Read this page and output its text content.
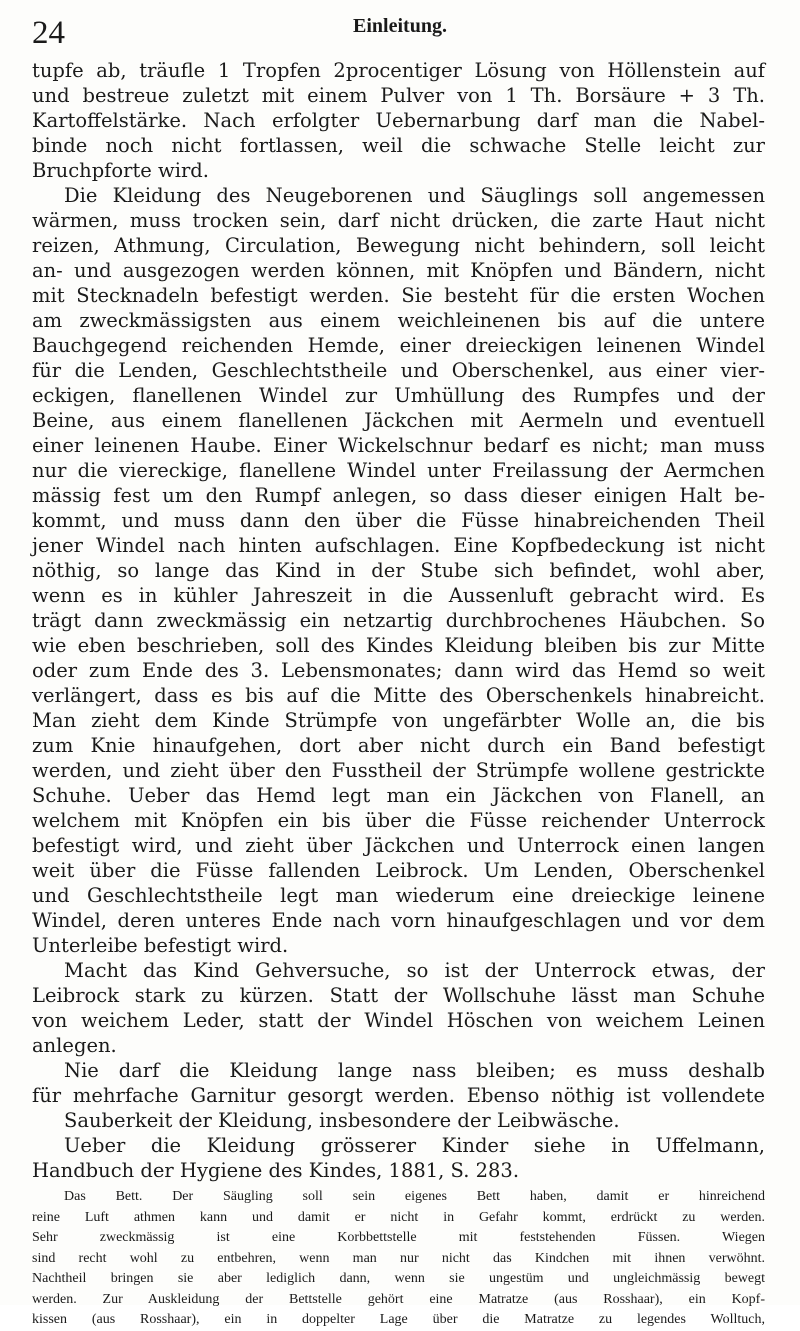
24	Einleitung.
tupfe ab, träufle 1 Tropfen 2procentiger Lösung von Höllenstein auf
und bestreue zuletzt mit einem Pulver von 1 Th. Borsäure + 3 Th.
Kartoffelstärke. Nach erfolgter Uebernarbung darf man die Nabel-
binde noch nicht fortlassen, weil die schwache Stelle leicht zur
Bruchpforte wird.
Die Kleidung des Neugeborenen und Säuglings soll angemessen
wärmen, muss trocken sein, darf nicht drücken, die zarte Haut nicht
reizen, Athmung, Circulation, Bewegung nicht behindern, soll leicht
an- und ausgezogen werden können, mit Knöpfen und Bändern, nicht
mit Stecknadeln befestigt werden. Sie besteht für die ersten Wochen
am zweckmässigsten aus einem weichleinenen bis auf die untere
Bauchgegend reichenden Hemde, einer dreieckigen leinenen Windel
für die Lenden, Geschlechtstheile und Oberschenkel, aus einer vier-
eckigen, flanellenen Windel zur Umhüllung des Rumpfes und der
Beine, aus einem flanellenen Jäckchen mit Aermeln und eventuell
einer leinenen Haube. Einer Wickelschnur bedarf es nicht; man muss
nur die viereckige, flanellene Windel unter Freilassung der Aermchen
mässig fest um den Rumpf anlegen, so dass dieser einigen Halt be-
kommt, und muss dann den über die Füsse hinabreichenden Theil
jener Windel nach hinten aufschlagen. Eine Kopfbedeckung ist nicht
nöthig, so lange das Kind in der Stube sich befindet, wohl aber,
wenn es in kühler Jahreszeit in die Aussenluft gebracht wird. Es
trägt dann zweckmässig ein netzartig durchbrochenes Häubchen. So
wie eben beschrieben, soll des Kindes Kleidung bleiben bis zur Mitte
oder zum Ende des 3. Lebensmonates; dann wird das Hemd so weit
verlängert, dass es bis auf die Mitte des Oberschenkels hinabreicht.
Man zieht dem Kinde Strümpfe von ungefärbter Wolle an, die bis
zum Knie hinaufgehen, dort aber nicht durch ein Band befestigt
werden, und zieht über den Fusstheil der Strümpfe wollene gestrickte
Schuhe. Ueber das Hemd legt man ein Jäckchen von Flanell, an
welchem mit Knöpfen ein bis über die Füsse reichender Unterrock
befestigt wird, und zieht über Jäckchen und Unterrock einen langen
weit über die Füsse fallenden Leibrock. Um Lenden, Oberschenkel
und Geschlechtstheile legt man wiederum eine dreieckige leinene
Windel, deren unteres Ende nach vorn hinaufgeschlagen und vor dem
Unterleibe befestigt wird.
Macht das Kind Gehversuche, so ist der Unterrock etwas, der
Leibrock stark zu kürzen. Statt der Wollschuhe lässt man Schuhe
von weichem Leder, statt der Windel Höschen von weichem Leinen
anlegen.
Nie darf die Kleidung lange nass bleiben; es muss deshalb
für mehrfache Garnitur gesorgt werden. Ebenso nöthig ist vollendete
Sauberkeit der Kleidung, insbesondere der Leibwäsche.
Ueber die Kleidung grösserer Kinder siehe in Uffelmann,
Handbuch der Hygiene des Kindes, 1881, S. 283.
Das Bett. Der Säugling soll sein eigenes Bett haben, damit er hinreichend
reine Luft athmen kann und damit er nicht in Gefahr kommt, erdrückt zu werden.
Sehr zweckmässig ist eine Korbbettstelle mit feststehenden Füssen. Wiegen
sind recht wohl zu entbehren, wenn man nur nicht das Kindchen mit ihnen verwöhnt.
Nachtheil bringen sie aber lediglich dann, wenn sie ungestüm und ungleichmässig bewegt
werden. Zur Auskleidung der Bettstelle gehört eine Matratze (aus Rosshaar), ein Kopf-
kissen (aus Rosshaar), ein in doppelter Lage über die Matratze zu legendes Wolltuch,
